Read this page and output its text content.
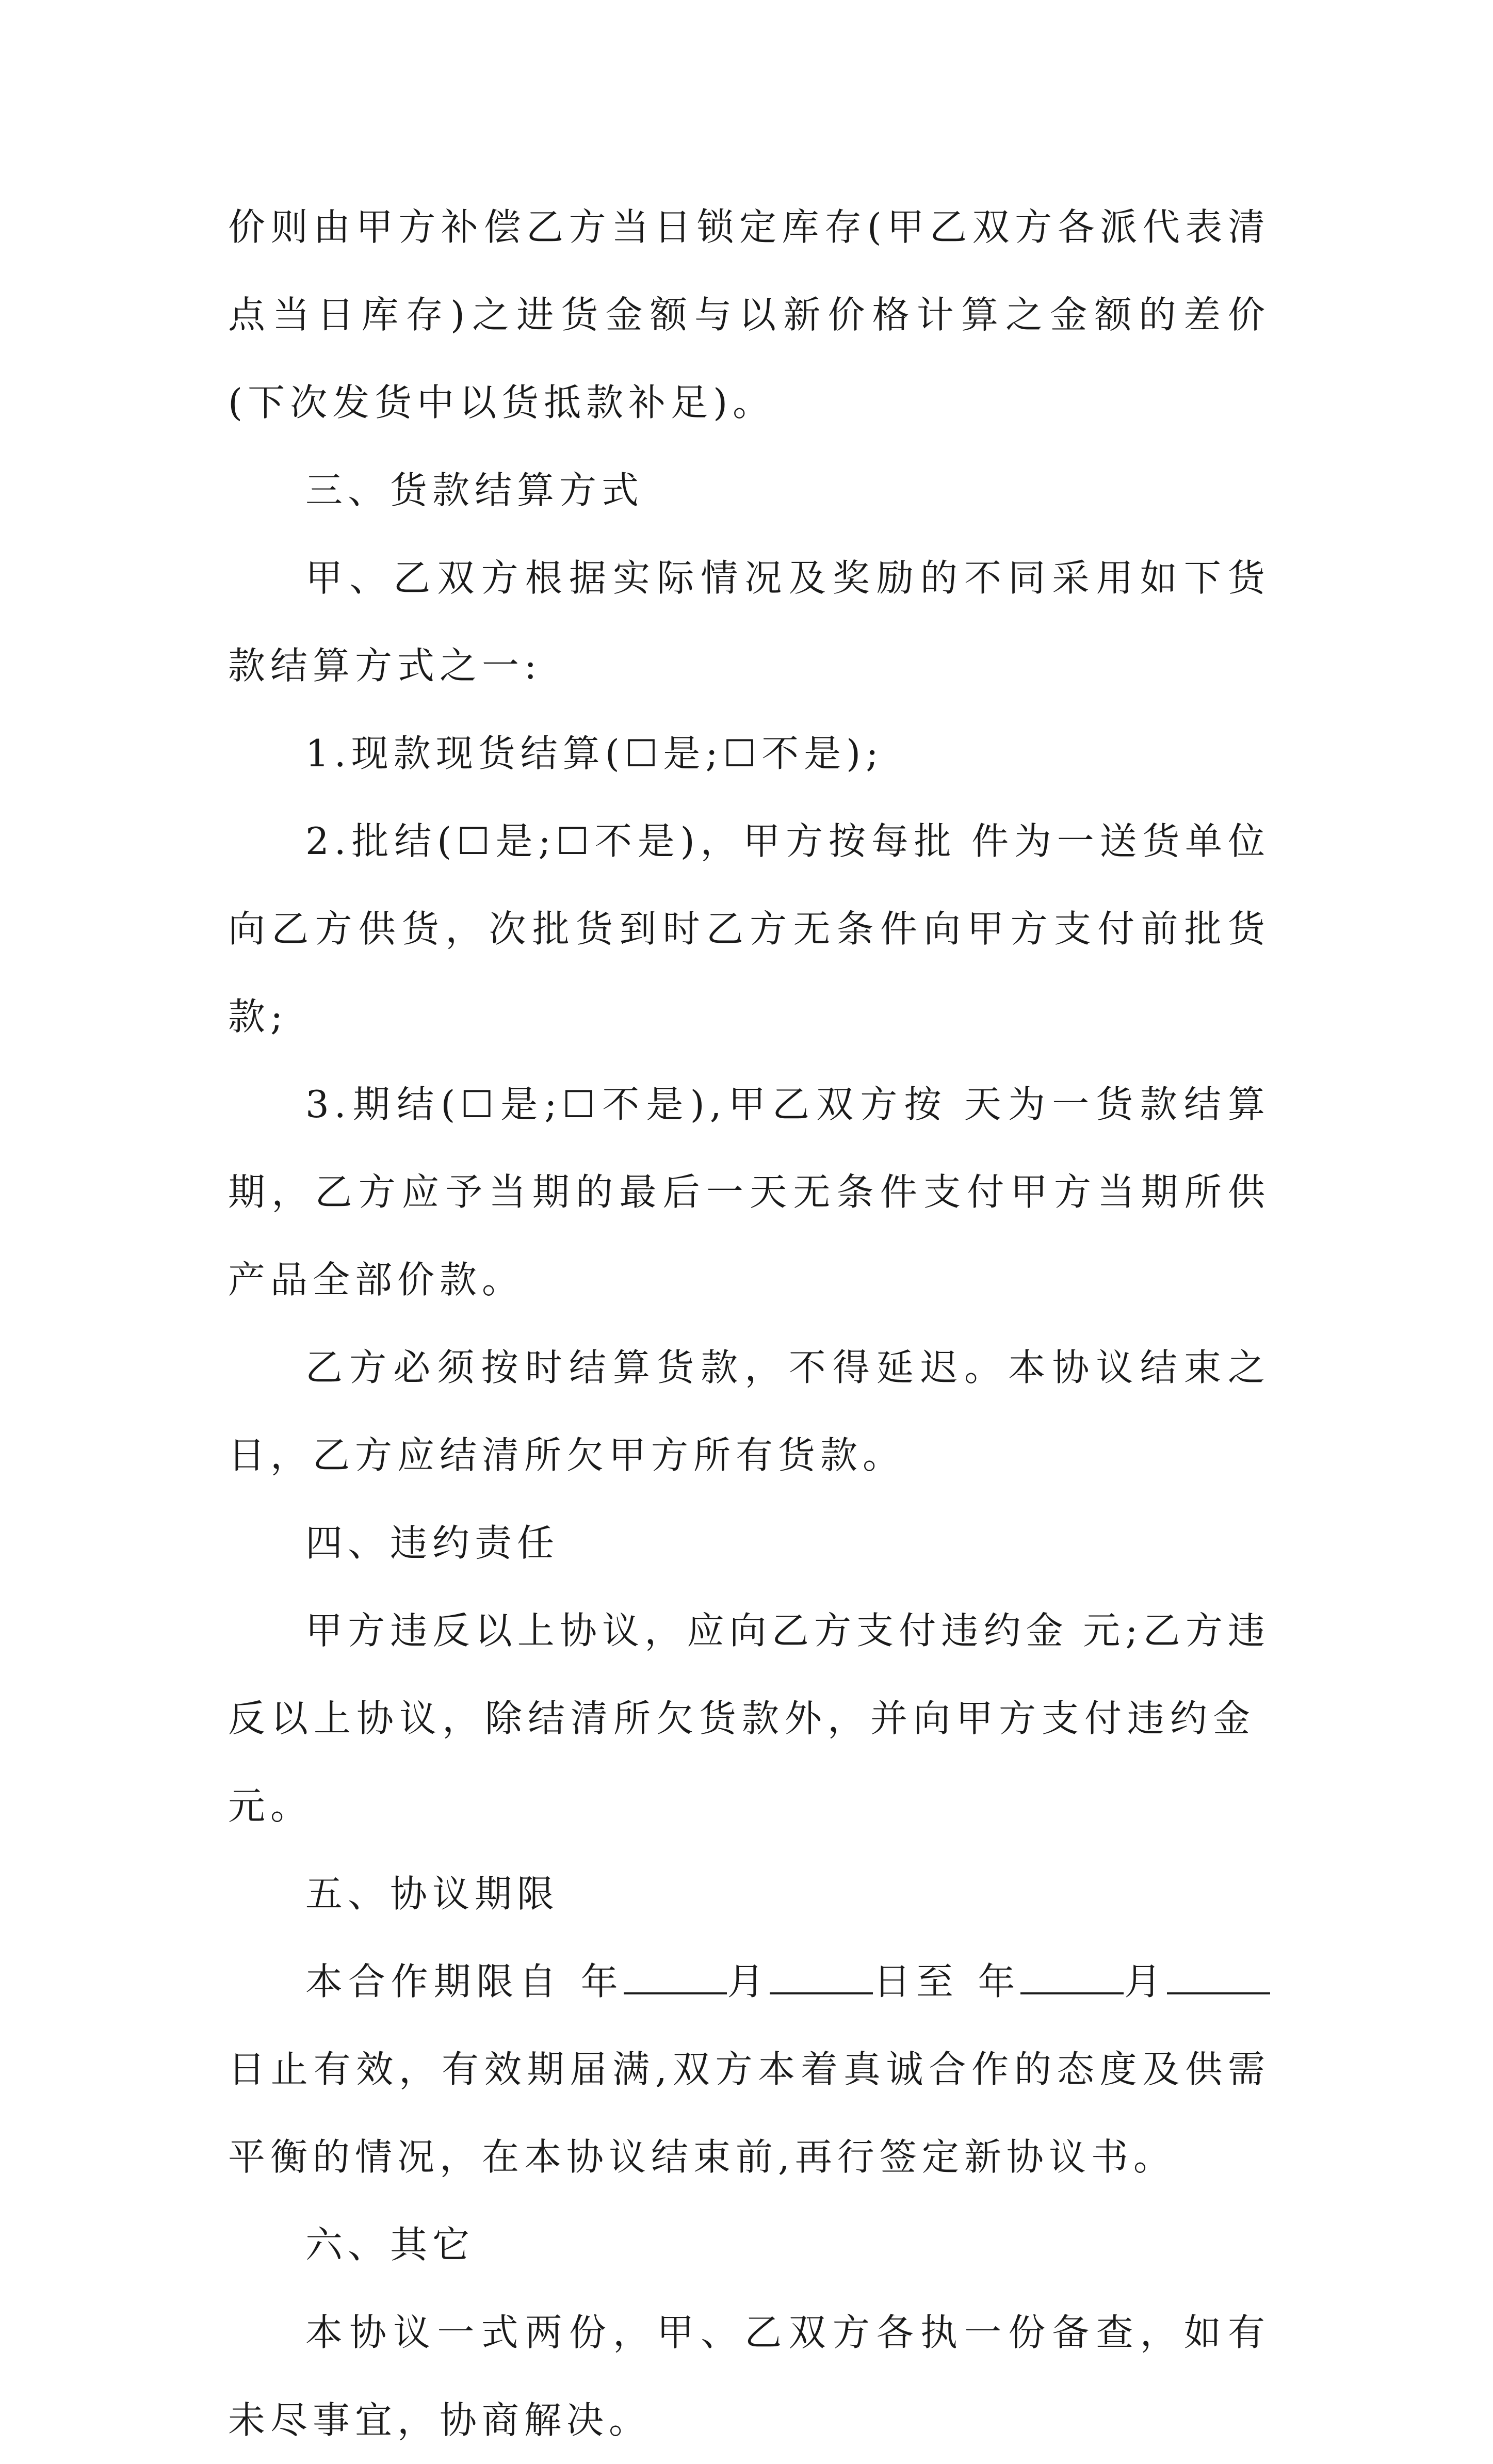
价则由甲方补偿乙方当日锁定库存(甲乙双方各派代表清点当日库存)之进货金额与以新价格计算之金额的差价(下次发货中以货抵款补足)。

三、货款结算方式

甲、乙双方根据实际情况及奖励的不同采用如下货款结算方式之一:

1.现款现货结算(☐是;☐不是);

2.批结(☐是;☐不是)，甲方按每批 件为一送货单位向乙方供货，次批货到时乙方无条件向甲方支付前批货款;

3.期结(☐是;☐不是),甲乙双方按 天为一货款结算期，乙方应予当期的最后一天无条件支付甲方当期所供产品全部价款。

乙方必须按时结算货款，不得延迟。本协议结束之日，乙方应结清所欠甲方所有货款。

四、违约责任

甲方违反以上协议，应向乙方支付违约金 元;乙方违反以上协议，除结清所欠货款外，并向甲方支付违约金元。

五、协议期限

本合作期限自 年	月	日至 年	月日止有效，有效期届满,双方本着真诚合作的态度及供需平衡的情况，在本协议结束前,再行签定新协议书。

六、其它

本协议一式两份，甲、乙双方各执一份备查，如有未尽事宜，协商解决。
